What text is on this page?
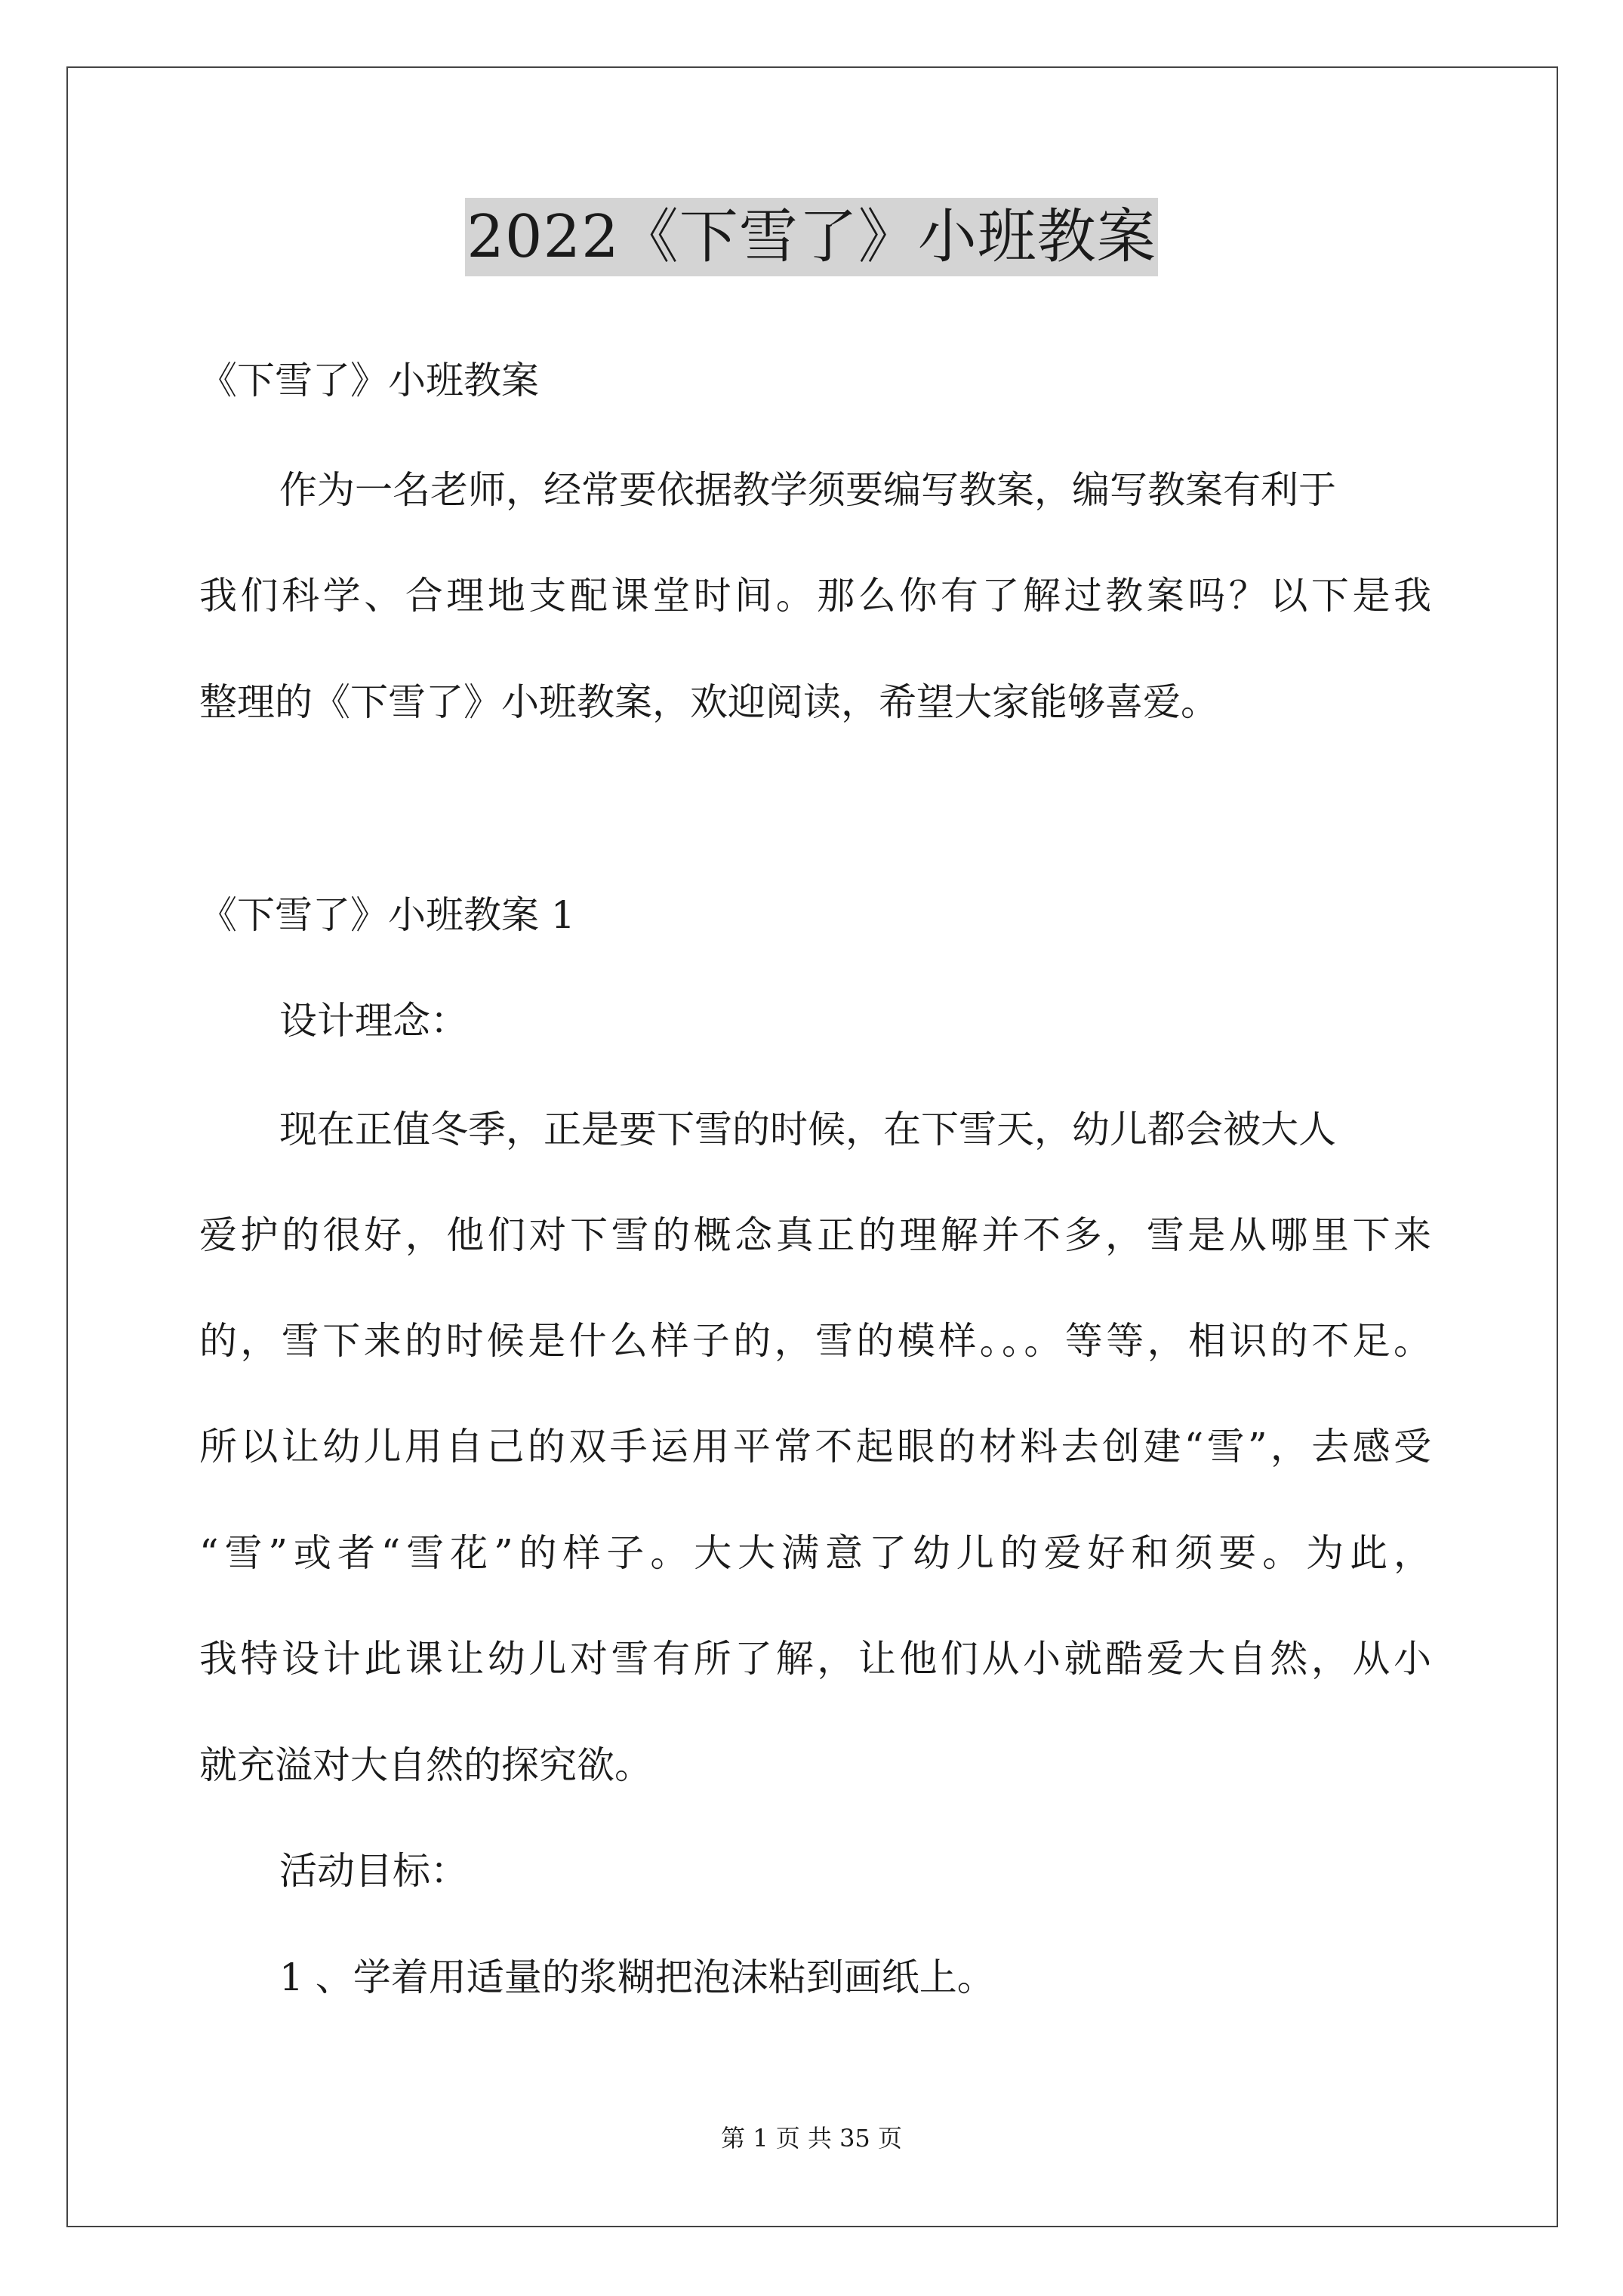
2022《下雪了》小班教案
《下雪了》小班教案
作为一名老师，经常要依据教学须要编写教案，编写教案有利于
我们科学、合理地支配课堂时间。那么你有了解过教案吗？以下是我
整理的《下雪了》小班教案，欢迎阅读，希望大家能够喜爱。
《下雪了》小班教案 1
设计理念：
现在正值冬季，正是要下雪的时候，在下雪天，幼儿都会被大人
爱护的很好，他们对下雪的概念真正的理解并不多，雪是从哪里下来
的，雪下来的时候是什么样子的，雪的模样。。。等等，相识的不足。
所以让幼儿用自己的双手运用平常不起眼的材料去创建“雪”，去感受
“雪”或者“雪花”的样子。大大满意了幼儿的爱好和须要。为此，
我特设计此课让幼儿对雪有所了解，让他们从小就酷爱大自然，从小
就充溢对大自然的探究欲。
活动目标：
1 、学着用适量的浆糊把泡沫粘到画纸上。
第 1 页 共 35 页
